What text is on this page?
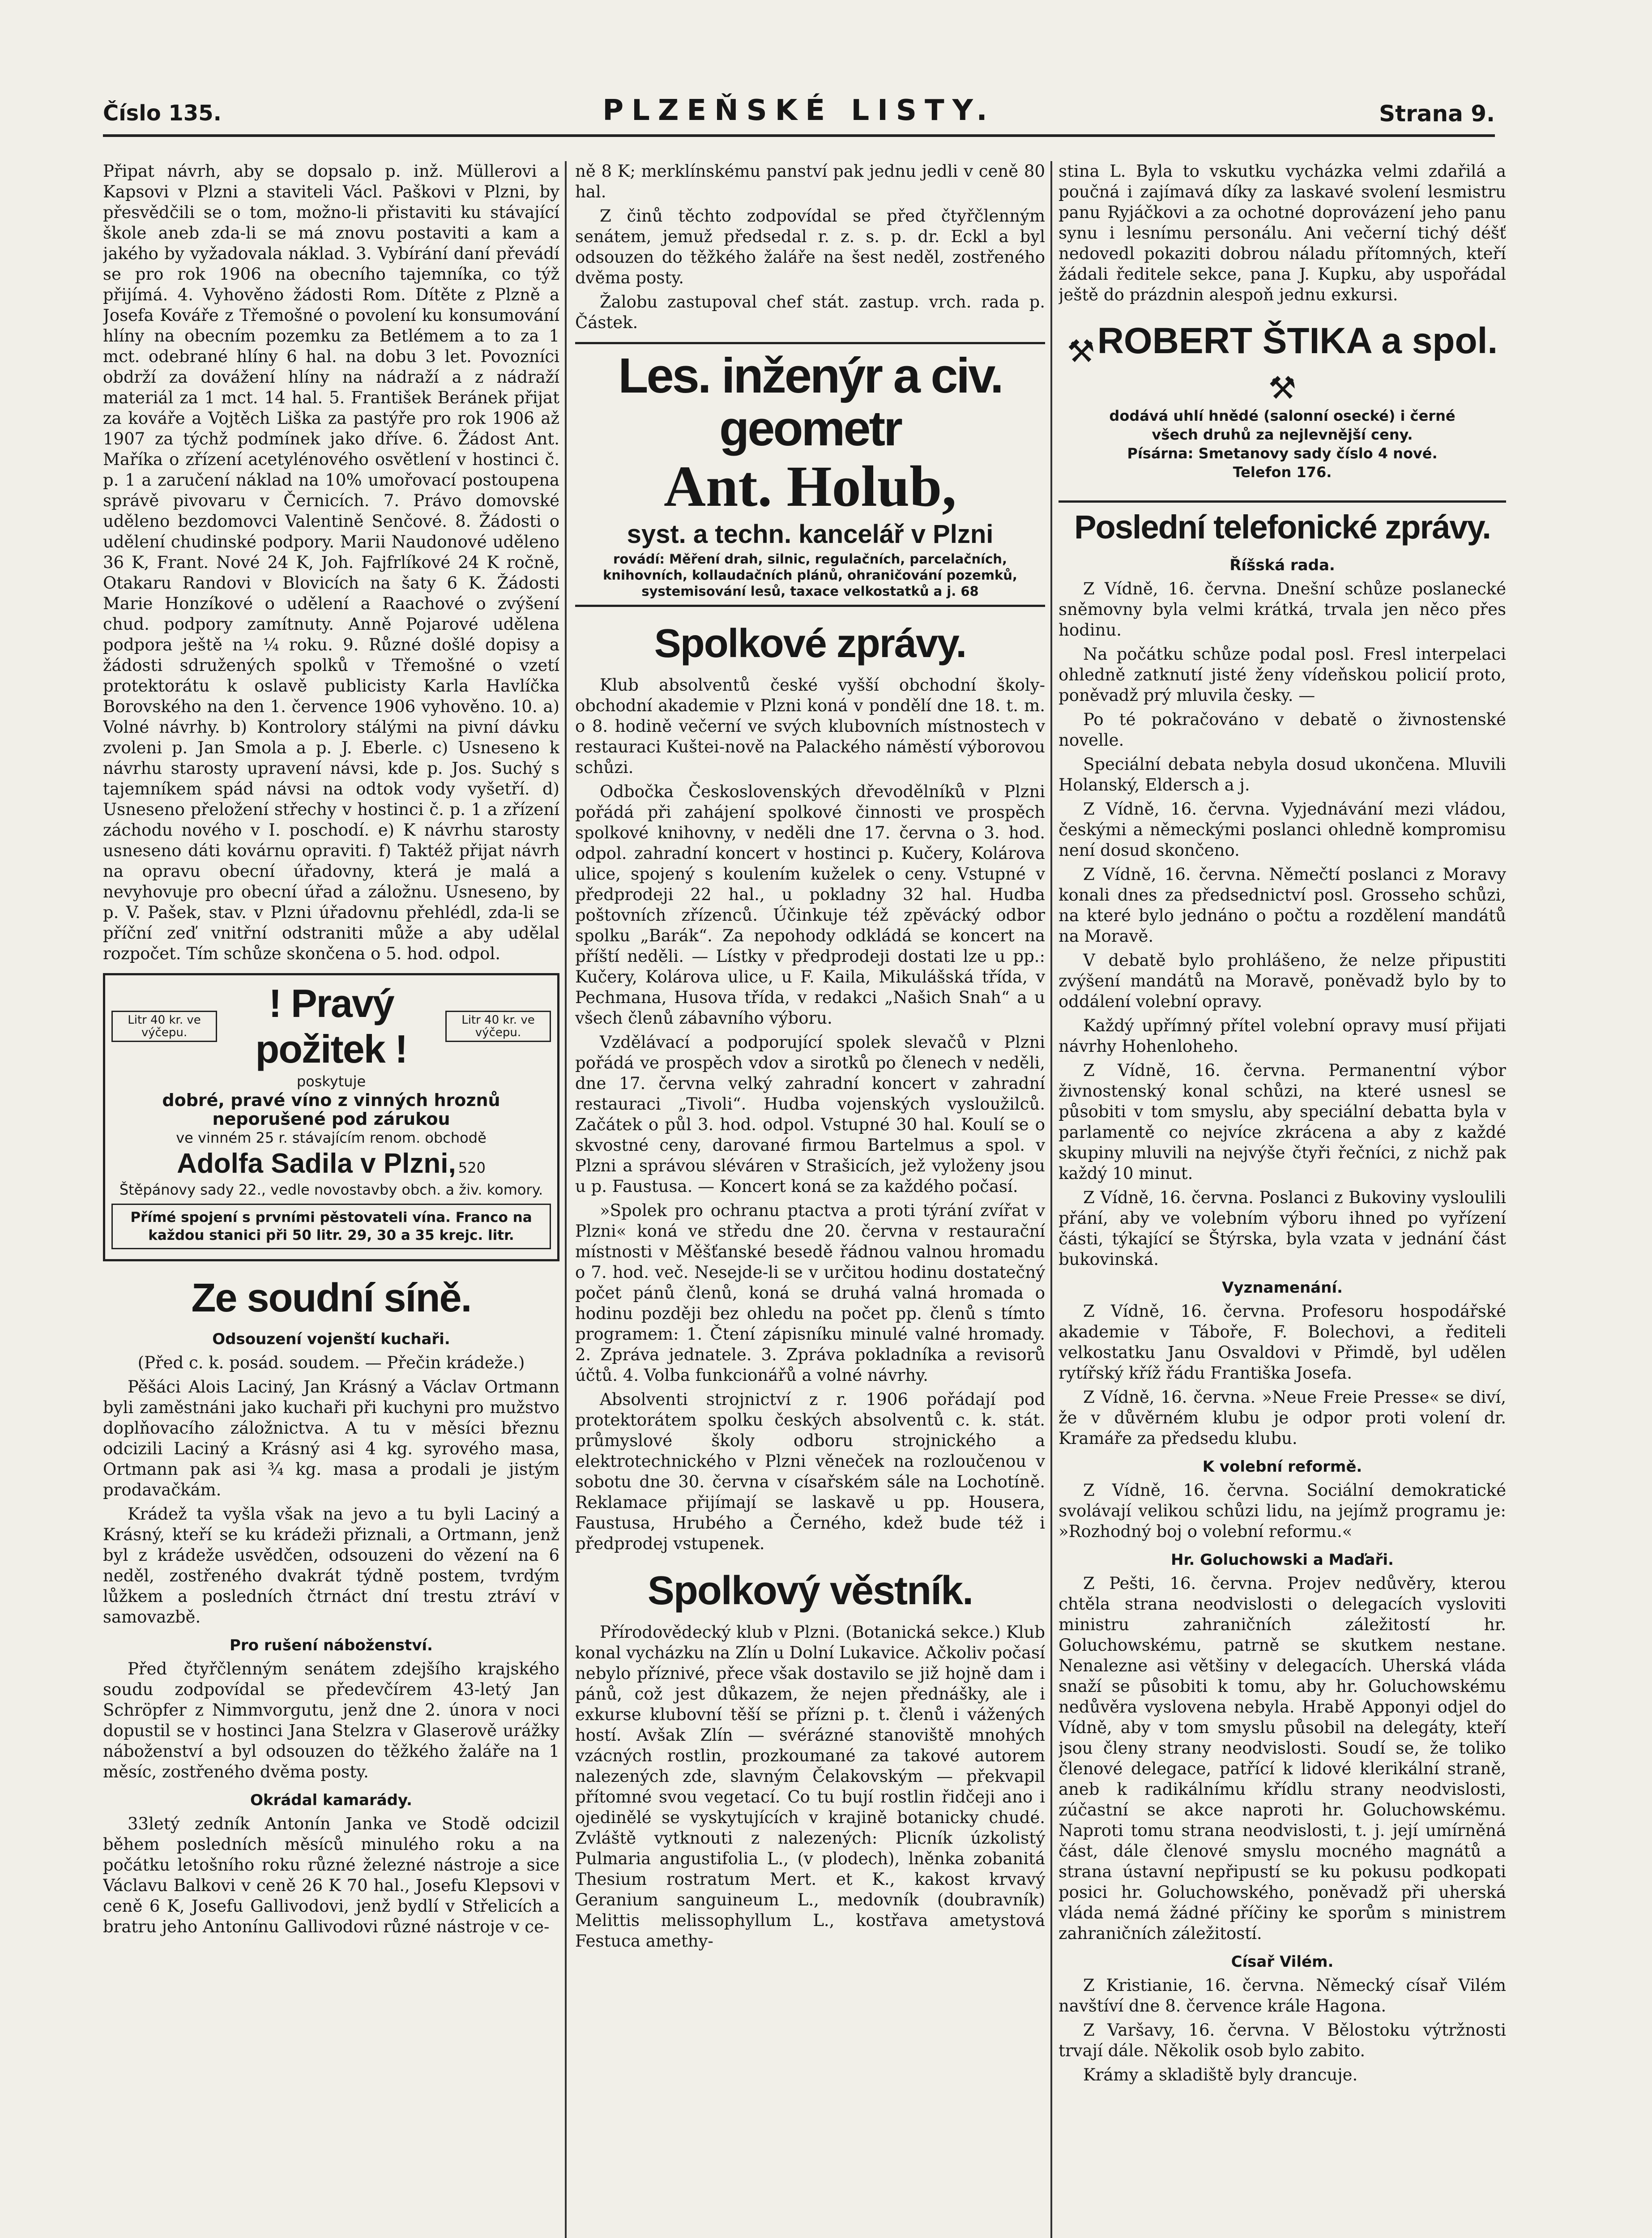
Číslo 135.	PLZEŇSKÉ LISTY.	Strana 9.

Připat návrh, aby se dopsalo p. inž. Müllerovi a Kapsovi v Plzni a staviteli Václ. Paškovi v Plzni, by přesvědčili se o tom, možno-li přistaviti ku stávající škole aneb zda-li se má znovu postaviti a kam a jakého by vyžadovala náklad. 3. Vybírání daní převádí se pro rok 1906 na obecního tajemníka, co týž přijímá. 4. Vyhověno žádosti Rom. Dítěte z Plzně a Josefa Kováře z Třemošné o povolení ku konsumování hlíny na obecním pozemku za Betlémem a to za 1 mct. odebrané hlíny 6 hal. na dobu 3 let. Povozníci obdrží za dovážení hlíny na nádraží a z nádraží materiál za 1 mct. 14 hal. 5. František Beránek přijat za kováře a Vojtěch Liška za pastýře pro rok 1906 až 1907 za týchž podmínek jako dříve. 6. Žádost Ant. Maříka o zřízení acetylénového osvětlení v hostinci č. p. 1 a zaručení náklad na 10% umořovací postoupena správě pivovaru v Černicích. 7. Právo domovské uděleno bezdomovci Valentině Senčové. 8. Žádosti o udělení chudinské podpory. Marii Naudonové uděleno 36 K, Frant. Nové 24 K, Joh. Fajfrlíkové 24 K ročně, Otakaru Randovi v Blovicích na šaty 6 K. Žádosti Marie Honzíkové o udělení a Raachové o zvýšení chud. podpory zamítnuty. Anně Pojarové udělena podpora ještě na ¼ roku. 9. Různé došlé dopisy a žádosti sdružených spolků v Třemošné o vzetí protektorátu k oslavě publicisty Karla Havlíčka Borovského na den 1. července 1906 vyhověno. 10. a) Volné návrhy. b) Kontrolory stálými na pivní dávku zvoleni p. Jan Smola a p. J. Eberle. c) Usneseno k návrhu starosty upravení návsi, kde p. Jos. Suchý s tajemníkem spád návsi na odtok vody vyšetří. d) Usneseno přeložení střechy v hostinci č. p. 1 a zřízení záchodu nového v I. poschodí. e) K návrhu starosty usneseno dáti kovárnu opraviti. f) Taktéž přijat návrh na opravu obecní úřadovny, která je malá a nevyhovuje pro obecní úřad a záložnu. Usneseno, by p. V. Pašek, stav. v Plzni úřadovnu přehlédl, zda-li se příční zeď vnitřní odstraniti může a aby udělal rozpočet. Tím schůze skončena o 5. hod. odpol.

Litr 40 kr. ve výčepu.
! Pravý požitek !
Litr 40 kr. ve výčepu.
poskytuje
dobré, pravé víno z vinných hroznů neporušené pod zárukou
ve vinném 25 r. stávajícím renom. obchodě
Adolfa Sadila v Plzni, 520
Štěpánovy sady 22., vedle novostavby obch. a živ. komory.
Přímé spojení s prvními pěstovateli vína. Franco na každou stanici při 50 litr. 29, 30 a 35 krejc. litr.
Ze soudní síně.
Odsouzení vojenští kuchaři.

(Před c. k. posád. soudem. — Přečin krádeže.)

Pěšáci Alois Laciný, Jan Krásný a Václav Ortmann byli zaměstnáni jako kuchaři při kuchyni pro mužstvo doplňovacího záložnictva. A tu v měsíci březnu odcizili Laciný a Krásný asi 4 kg. syrového masa, Ortmann pak asi ¾ kg. masa a prodali je jistým prodavačkám.

Krádež ta vyšla však na jevo a tu byli Laciný a Krásný, kteří se ku krádeži přiznali, a Ortmann, jenž byl z krádeže usvědčen, odsouzeni do vězení na 6 neděl, zostřeného dvakrát týdně postem, tvrdým lůžkem a posledních čtrnáct dní trestu ztráví v samovazbě.

Pro rušení náboženství.

Před čtyřčlenným senátem zdejšího krajského soudu zodpovídal se předevčírem 43-letý Jan Schröpfer z Nimmvorgutu, jenž dne 2. února v noci dopustil se v hostinci Jana Stelzra v Glaserově urážky náboženství a byl odsouzen do těžkého žaláře na 1 měsíc, zostřeného dvěma posty.

Okrádal kamarády.

33letý zedník Antonín Janka ve Stodě odcizil během posledních měsíců minulého roku a na počátku letošního roku různé železné nástroje a sice Václavu Balkovi v ceně 26 K 70 hal., Josefu Klepsovi v ceně 6 K, Josefu Gallivodovi, jenž bydlí v Střelicích a bratru jeho Antonínu Gallivodovi různé nástroje v ce-

ně 8 K; merklínskému panství pak jednu jedli v ceně 80 hal.

Z činů těchto zodpovídal se před čtyřčlenným senátem, jemuž předsedal r. z. s. p. dr. Eckl a byl odsouzen do těžkého žaláře na šest neděl, zostřeného dvěma posty.

Žalobu zastupoval chef stát. zastup. vrch. rada p. Částek.

Les. inženýr a civ. geometr
Ant. Holub,
syst. a techn. kancelář v Plzni
rovádí: Měření drah, silnic, regulačních, parcelačních, knihovních, kollaudačních plánů, ohraničování pozemků, systemisování lesů, taxace velkostatků a j. 68
Spolkové zprávy.

Klub absolventů české vyšší obchodní školy-obchodní akademie v Plzni koná v pondělí dne 18. t. m. o 8. hodině večerní ve svých klubovních místnostech v restauraci Kuštei-nově na Palackého náměstí výborovou schůzi.

Odbočka Československých dřevodělníků v Plzni pořádá při zahájení spolkové činnosti ve prospěch spolkové knihovny, v neděli dne 17. června o 3. hod. odpol. zahradní koncert v hostinci p. Kučery, Kolárova ulice, spojený s koulením kuželek o ceny. Vstupné v předprodeji 22 hal., u pokladny 32 hal. Hudba poštovních zřízenců. Účinkuje též zpěvácký odbor spolku „Barák“. Za nepohody odkládá se koncert na příští neděli. — Lístky v předprodeji dostati lze u pp.: Kučery, Kolárova ulice, u F. Kaila, Mikulášská třída, v Pechmana, Husova třída, v redakci „Našich Snah“ a u všech členů zábavního výboru.

Vzdělávací a podporující spolek slevačů v Plzni pořádá ve prospěch vdov a sirotků po členech v neděli, dne 17. června velký zahradní koncert v zahradní restauraci „Tivoli“. Hudba vojenských vysloužilců. Začátek o půl 3. hod. odpol. Vstupné 30 hal. Koulí se o skvostné ceny, darované firmou Bartelmus a spol. v Plzni a správou sléváren v Strašicích, jež vyloženy jsou u p. Faustusa. — Koncert koná se za každého počasí.

»Spolek pro ochranu ptactva a proti týrání zvířat v Plzni« koná ve středu dne 20. června v restaurační místnosti v Měšťanské besedě řádnou valnou hromadu o 7. hod. več. Nesejde-li se v určitou hodinu dostatečný počet pánů členů, koná se druhá valná hromada o hodinu později bez ohledu na počet pp. členů s tímto programem: 1. Čtení zápisníku minulé valné hromady. 2. Zpráva jednatele. 3. Zpráva pokladníka a revisorů účtů. 4. Volba funkcionářů a volné návrhy.

Absolventi strojnictví z r. 1906 pořádají pod protektorátem spolku českých absolventů c. k. stát. průmyslové školy odboru strojnického a elektrotechnického v Plzni věneček na rozloučenou v sobotu dne 30. června v císařském sále na Lochotíně. Reklamace přijímají se laskavě u pp. Housera, Faustusa, Hrubého a Černého, kdež bude též i předprodej vstupenek.

Spolkový věstník.

Přírodovědecký klub v Plzni. (Botanická sekce.) Klub konal vycházku na Zlín u Dolní Lukavice. Ačkoliv počasí nebylo příznivé, přece však dostavilo se již hojně dam i pánů, což jest důkazem, že nejen přednášky, ale i exkurse klubovní těší se přízni p. t. členů i vážených hostí. Avšak Zlín — svérázné stanoviště mnohých vzácných rostlin, prozkoumané za takové autorem nalezených zde, slavným Čelakovským — překvapil přítomné svou vegetací. Co tu bují rostlin řidčeji ano i ojedinělé se vyskytujících v krajině botanicky chudé. Zvláště vytknouti z nalezených: Plicník úzkolistý Pulmaria angustifolia L., (v plodech), lněnka zobanitá Thesium rostratum Mert. et K., kakost krvavý Geranium sanguineum L., medovník (doubravník) Melittis melissophyllum L., kostřava ametystová Festuca amethy-

stina L. Byla to vskutku vycházka velmi zdařilá a poučná i zajímavá díky za laskavé svolení lesmistru panu Ryjáčkovi a za ochotné doprovázení jeho panu synu i lesnímu personálu. Ani večerní tichý déšť nedovedl pokaziti dobrou náladu přítomných, kteří žádali ředitele sekce, pana J. Kupku, aby uspořádal ještě do prázdnin alespoň jednu exkursi.

⚒ ROBERT ŠTIKA a spol. ⚒
dodává uhlí hnědé (salonní osecké) i černé
všech druhů za nejlevnější ceny.
Písárna: Smetanovy sady číslo 4 nové.
Telefon 176.
Poslední telefonické zprávy.
Říšská rada.

Z Vídně, 16. června. Dnešní schůze poslanecké sněmovny byla velmi krátká, trvala jen něco přes hodinu.

Na počátku schůze podal posl. Fresl interpelaci ohledně zatknutí jisté ženy vídeňskou policií proto, poněvadž prý mluvila česky. —

Po té pokračováno v debatě o živnostenské novelle.

Speciální debata nebyla dosud ukončena. Mluvili Holanský, Eldersch a j.

Z Vídně, 16. června. Vyjednávání mezi vládou, českými a německými poslanci ohledně kompromisu není dosud skončeno.

Z Vídně, 16. června. Němečtí poslanci z Moravy konali dnes za předsednictví posl. Grosseho schůzi, na které bylo jednáno o počtu a rozdělení mandátů na Moravě.

V debatě bylo prohlášeno, že nelze připustiti zvýšení mandátů na Moravě, poněvadž bylo by to oddálení volební opravy.

Každý upřímný přítel volební opravy musí přijati návrhy Hohenloheho.

Z Vídně, 16. června. Permanentní výbor živnostenský konal schůzi, na které usnesl se působiti v tom smyslu, aby speciální debatta byla v parlamentě co nejvíce zkrácena a aby z každé skupiny mluvili na nejvýše čtyři řečníci, z nichž pak každý 10 minut.

Z Vídně, 16. června. Poslanci z Bukoviny vysloulili přání, aby ve volebním výboru ihned po vyřízení části, týkající se Štýrska, byla vzata v jednání část bukovinská.

Vyznamenání.

Z Vídně, 16. června. Profesoru hospodářské akademie v Táboře, F. Bolechovi, a řediteli velkostatku Janu Osvaldovi v Přimdě, byl udělen rytířský kříž řádu Františka Josefa.

Z Vídně, 16. června. »Neue Freie Presse« se diví, že v důvěrném klubu je odpor proti volení dr. Kramáře za předsedu klubu.

K volební reformě.

Z Vídně, 16. června. Sociální demokratické svolávají velikou schůzi lidu, na jejímž programu je: »Rozhodný boj o volební reformu.«

Hr. Goluchowski a Maďaři.

Z Pešti, 16. června. Projev nedůvěry, kterou chtěla strana neodvislosti o delegacích vysloviti ministru zahraničních záležitostí hr. Goluchowskému, patrně se skutkem nestane. Nenalezne asi většiny v delegacích. Uherská vláda snaží se působiti k tomu, aby hr. Goluchowskému nedůvěra vyslovena nebyla. Hrabě Apponyi odjel do Vídně, aby v tom smyslu působil na delegáty, kteří jsou členy strany neodvislosti. Soudí se, že toliko členové delegace, patřící k lidové klerikální straně, aneb k radikálnímu křídlu strany neodvislosti, zúčastní se akce naproti hr. Goluchowskému. Naproti tomu strana neodvislosti, t. j. její umírněná část, dále členové smyslu mocného magnátů a strana ústavní nepřipustí se ku pokusu podkopati posici hr. Goluchowského, poněvadž při uherská vláda nemá žádné příčiny ke sporům s ministrem zahraničních záležitostí.

Císař Vilém.

Z Kristianie, 16. června. Německý císař Vilém navštíví dne 8. července krále Hagona.

Z Varšavy, 16. června. V Bělostoku výtržnosti trvají dále. Několik osob bylo zabito.

Krámy a skladiště byly drancuje.
